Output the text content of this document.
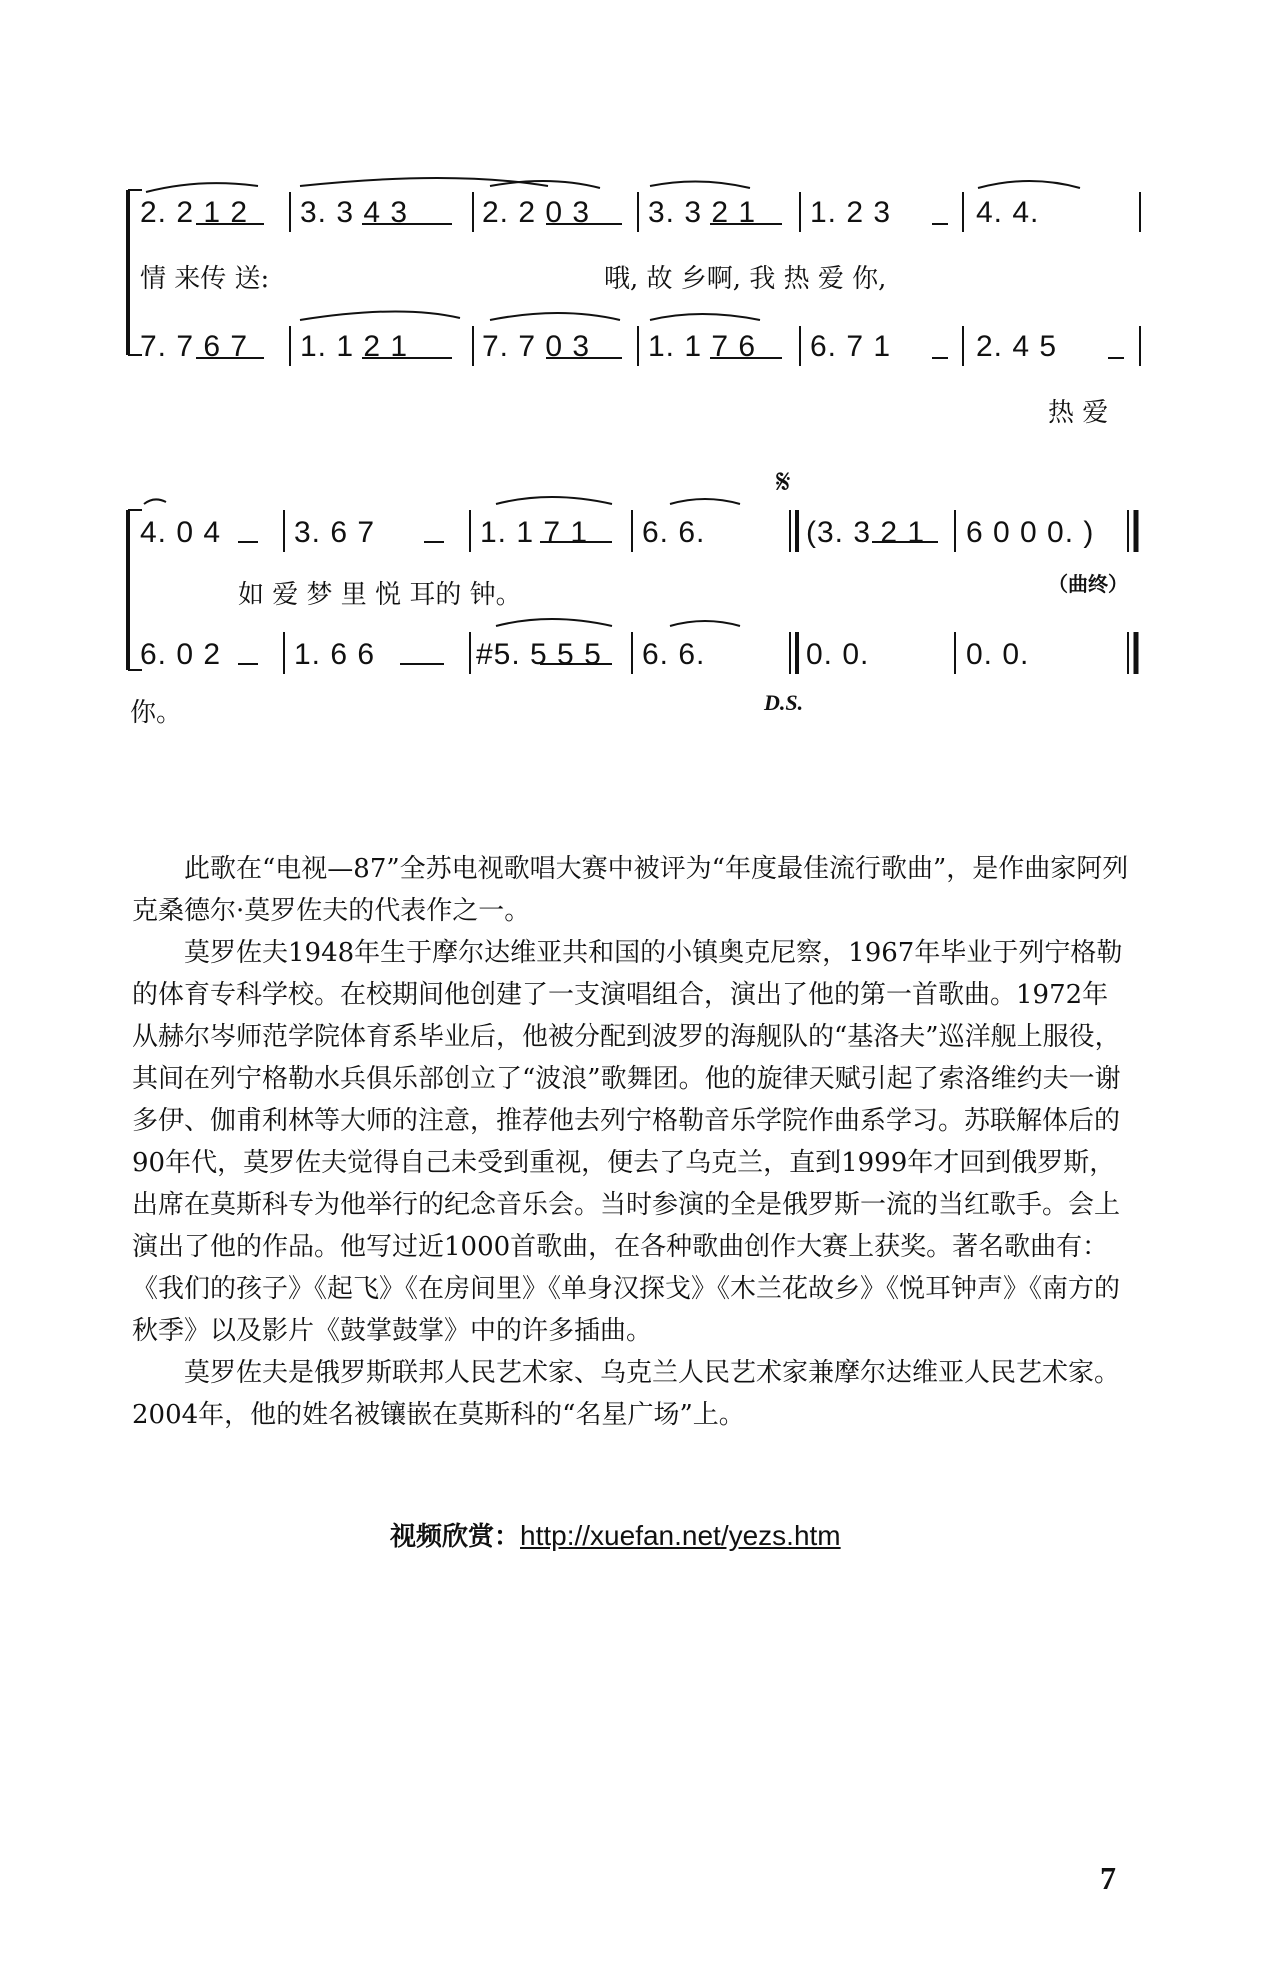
2. 2 1 2 3. 3 4 3 2. 2 0 3 3. 3 2 1 1. 2 3	4. 4.
情 来传 送:	哦, 故 乡啊, 我 热 爱 你,
7. 7 6 7 1. 1 2 1 7. 7 0 3 1. 1 7 6 6. 7 1	2. 4 5
热 爱
𝄋
4. 0 4 3. 6 7	1. 1 7 1 6. 6.	(3. 3 2 1 6 0 0 0. )
如 爱 梦 里 悦 耳的 钟。	（曲终）
6. 0 2 1. 6 6	#5. 5 5 5 6. 6.	0. 0.	0. 0.
你。	D.S.

此歌在“电视—87”全苏电视歌唱大赛中被评为“年度最佳流行歌曲”，是作曲家阿列克桑德尔·莫罗佐夫的代表作之一。

莫罗佐夫1948年生于摩尔达维亚共和国的小镇奥克尼察，1967年毕业于列宁格勒的体育专科学校。在校期间他创建了一支演唱组合，演出了他的第一首歌曲。1972年从赫尔岑师范学院体育系毕业后，他被分配到波罗的海舰队的“基洛夫”巡洋舰上服役，其间在列宁格勒水兵俱乐部创立了“波浪”歌舞团。他的旋律天赋引起了索洛维约夫一谢多伊、伽甫利林等大师的注意，推荐他去列宁格勒音乐学院作曲系学习。苏联解体后的90年代，莫罗佐夫觉得自己未受到重视，便去了乌克兰，直到1999年才回到俄罗斯，出席在莫斯科专为他举行的纪念音乐会。当时参演的全是俄罗斯一流的当红歌手。会上演出了他的作品。他写过近1000首歌曲，在各种歌曲创作大赛上获奖。著名歌曲有：《我们的孩子》《起飞》《在房间里》《单身汉探戈》《木兰花故乡》《悦耳钟声》《南方的秋季》以及影片《鼓掌鼓掌》中的许多插曲。

莫罗佐夫是俄罗斯联邦人民艺术家、乌克兰人民艺术家兼摩尔达维亚人民艺术家。2004年，他的姓名被镶嵌在莫斯科的“名星广场”上。

视频欣赏：http://xuefan.net/yezs.htm
7
